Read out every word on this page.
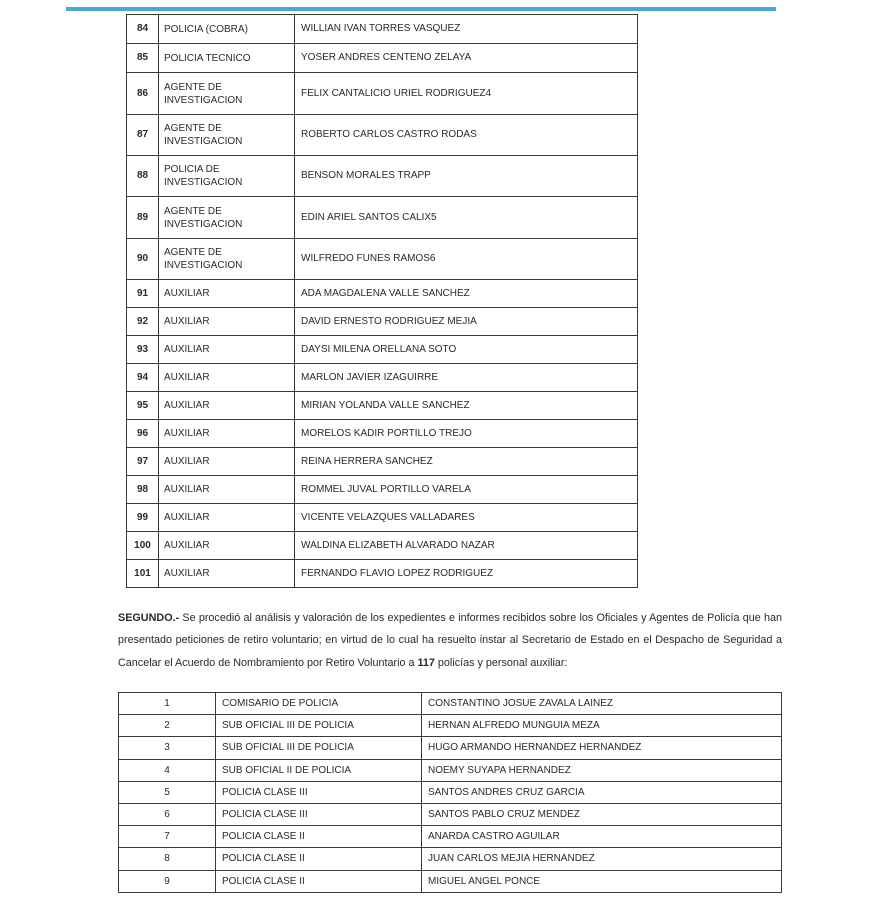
84	POLICIA (COBRA)	WILLIAN IVAN TORRES VASQUEZ
85	POLICIA TECNICO	YOSER ANDRES CENTENO ZELAYA
86	AGENTE DE INVESTIGACION	FELIX CANTALICIO URIEL RODRIGUEZ4
87	AGENTE DE INVESTIGACION	ROBERTO CARLOS CASTRO RODAS
88	POLICIA DE INVESTIGACION	BENSON MORALES TRAPP
89	AGENTE DE INVESTIGACION	EDIN ARIEL SANTOS CALIX5
90	AGENTE DE INVESTIGACION	WILFREDO FUNES RAMOS6
91	AUXILIAR	ADA MAGDALENA VALLE SANCHEZ
92	AUXILIAR	DAVID ERNESTO RODRIGUEZ MEJIA
93	AUXILIAR	DAYSI MILENA ORELLANA SOTO
94	AUXILIAR	MARLON JAVIER IZAGUIRRE
95	AUXILIAR	MIRIAN YOLANDA VALLE SANCHEZ
96	AUXILIAR	MORELOS KADIR PORTILLO TREJO
97	AUXILIAR	REINA HERRERA SANCHEZ
98	AUXILIAR	ROMMEL JUVAL PORTILLO VARELA
99	AUXILIAR	VICENTE VELAZQUES VALLADARES
100	AUXILIAR	WALDINA ELIZABETH ALVARADO NAZAR
101	AUXILIAR	FERNANDO FLAVIO LOPEZ RODRIGUEZ
SEGUNDO.- Se procedió al análisis y valoración de los expedientes e informes recibidos sobre los Oficiales y Agentes de Policía que han presentado peticiones de retiro voluntario; en virtud de lo cual ha resuelto instar al Secretario de Estado en el Despacho de Seguridad a Cancelar el Acuerdo de Nombramiento por Retiro Voluntario a 117 policías y personal auxiliar:
1	COMISARIO DE POLICIA	CONSTANTINO JOSUE ZAVALA LAINEZ
2	SUB OFICIAL III DE POLICIA	HERNAN ALFREDO MUNGUIA MEZA
3	SUB OFICIAL III DE POLICIA	HUGO ARMANDO HERNANDEZ HERNANDEZ
4	SUB OFICIAL II DE POLICIA	NOEMY SUYAPA HERNANDEZ
5	POLICIA CLASE III	SANTOS ANDRES CRUZ GARCIA
6	POLICIA CLASE III	SANTOS PABLO CRUZ MENDEZ
7	POLICIA CLASE II	ANARDA CASTRO AGUILAR
8	POLICIA CLASE II	JUAN CARLOS MEJIA HERNANDEZ
9	POLICIA CLASE II	MIGUEL ANGEL PONCE
